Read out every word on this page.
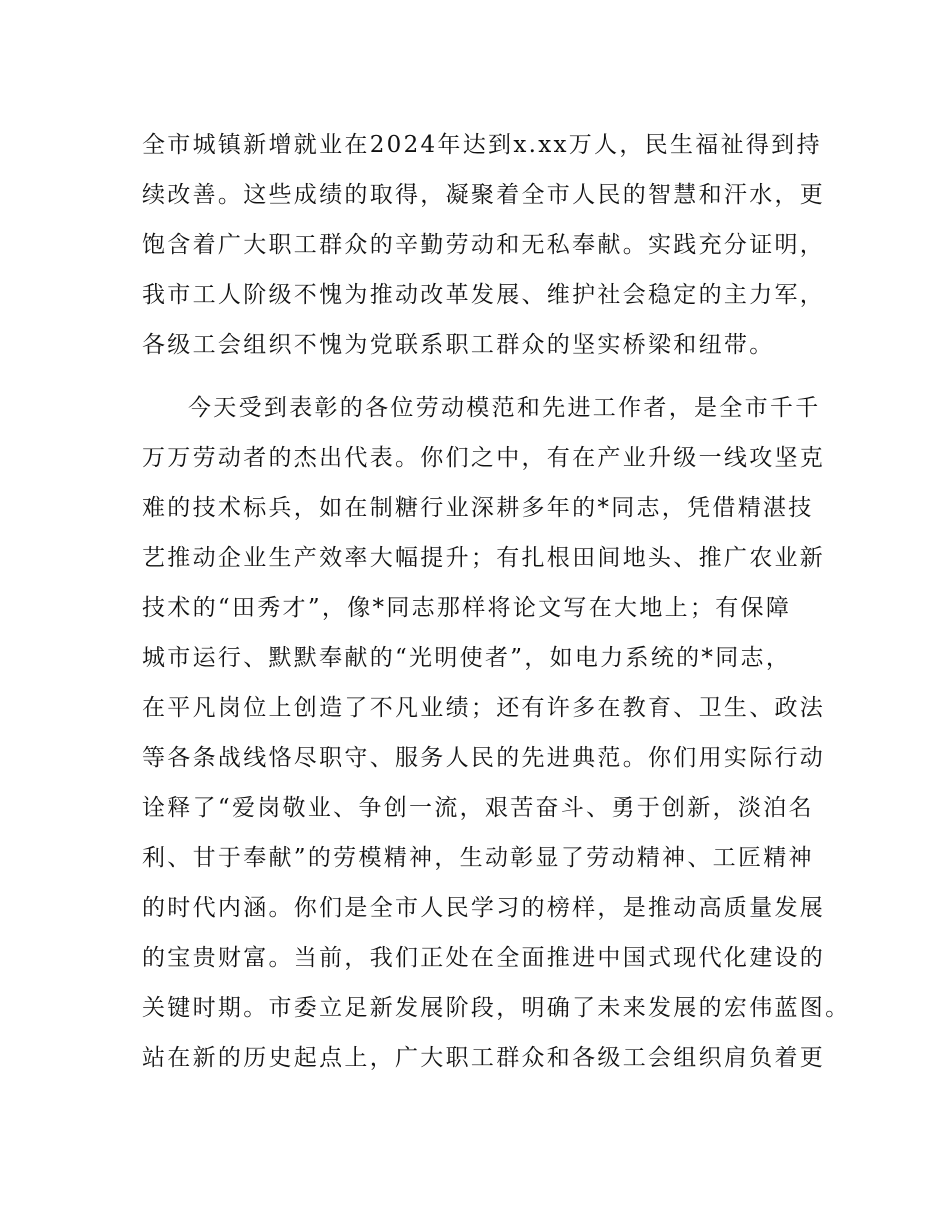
全市城镇新增就业在2024年达到x.xx万人，民生福祉得到持
续改善。这些成绩的取得，凝聚着全市人民的智慧和汗水，更
饱含着广大职工群众的辛勤劳动和无私奉献。实践充分证明，
我市工人阶级不愧为推动改革发展、维护社会稳定的主力军，
各级工会组织不愧为党联系职工群众的坚实桥梁和纽带。
今天受到表彰的各位劳动模范和先进工作者，是全市千千
万万劳动者的杰出代表。你们之中，有在产业升级一线攻坚克
难的技术标兵，如在制糖行业深耕多年的*同志，凭借精湛技
艺推动企业生产效率大幅提升；有扎根田间地头、推广农业新
技术的“田秀才”，像*同志那样将论文写在大地上；有保障
城市运行、默默奉献的“光明使者”，如电力系统的*同志，
在平凡岗位上创造了不凡业绩；还有许多在教育、卫生、政法
等各条战线恪尽职守、服务人民的先进典范。你们用实际行动
诠释了“爱岗敬业、争创一流，艰苦奋斗、勇于创新，淡泊名
利、甘于奉献”的劳模精神，生动彰显了劳动精神、工匠精神
的时代内涵。你们是全市人民学习的榜样，是推动高质量发展
的宝贵财富。当前，我们正处在全面推进中国式现代化建设的
关键时期。市委立足新发展阶段，明确了未来发展的宏伟蓝图。
站在新的历史起点上，广大职工群众和各级工会组织肩负着更
